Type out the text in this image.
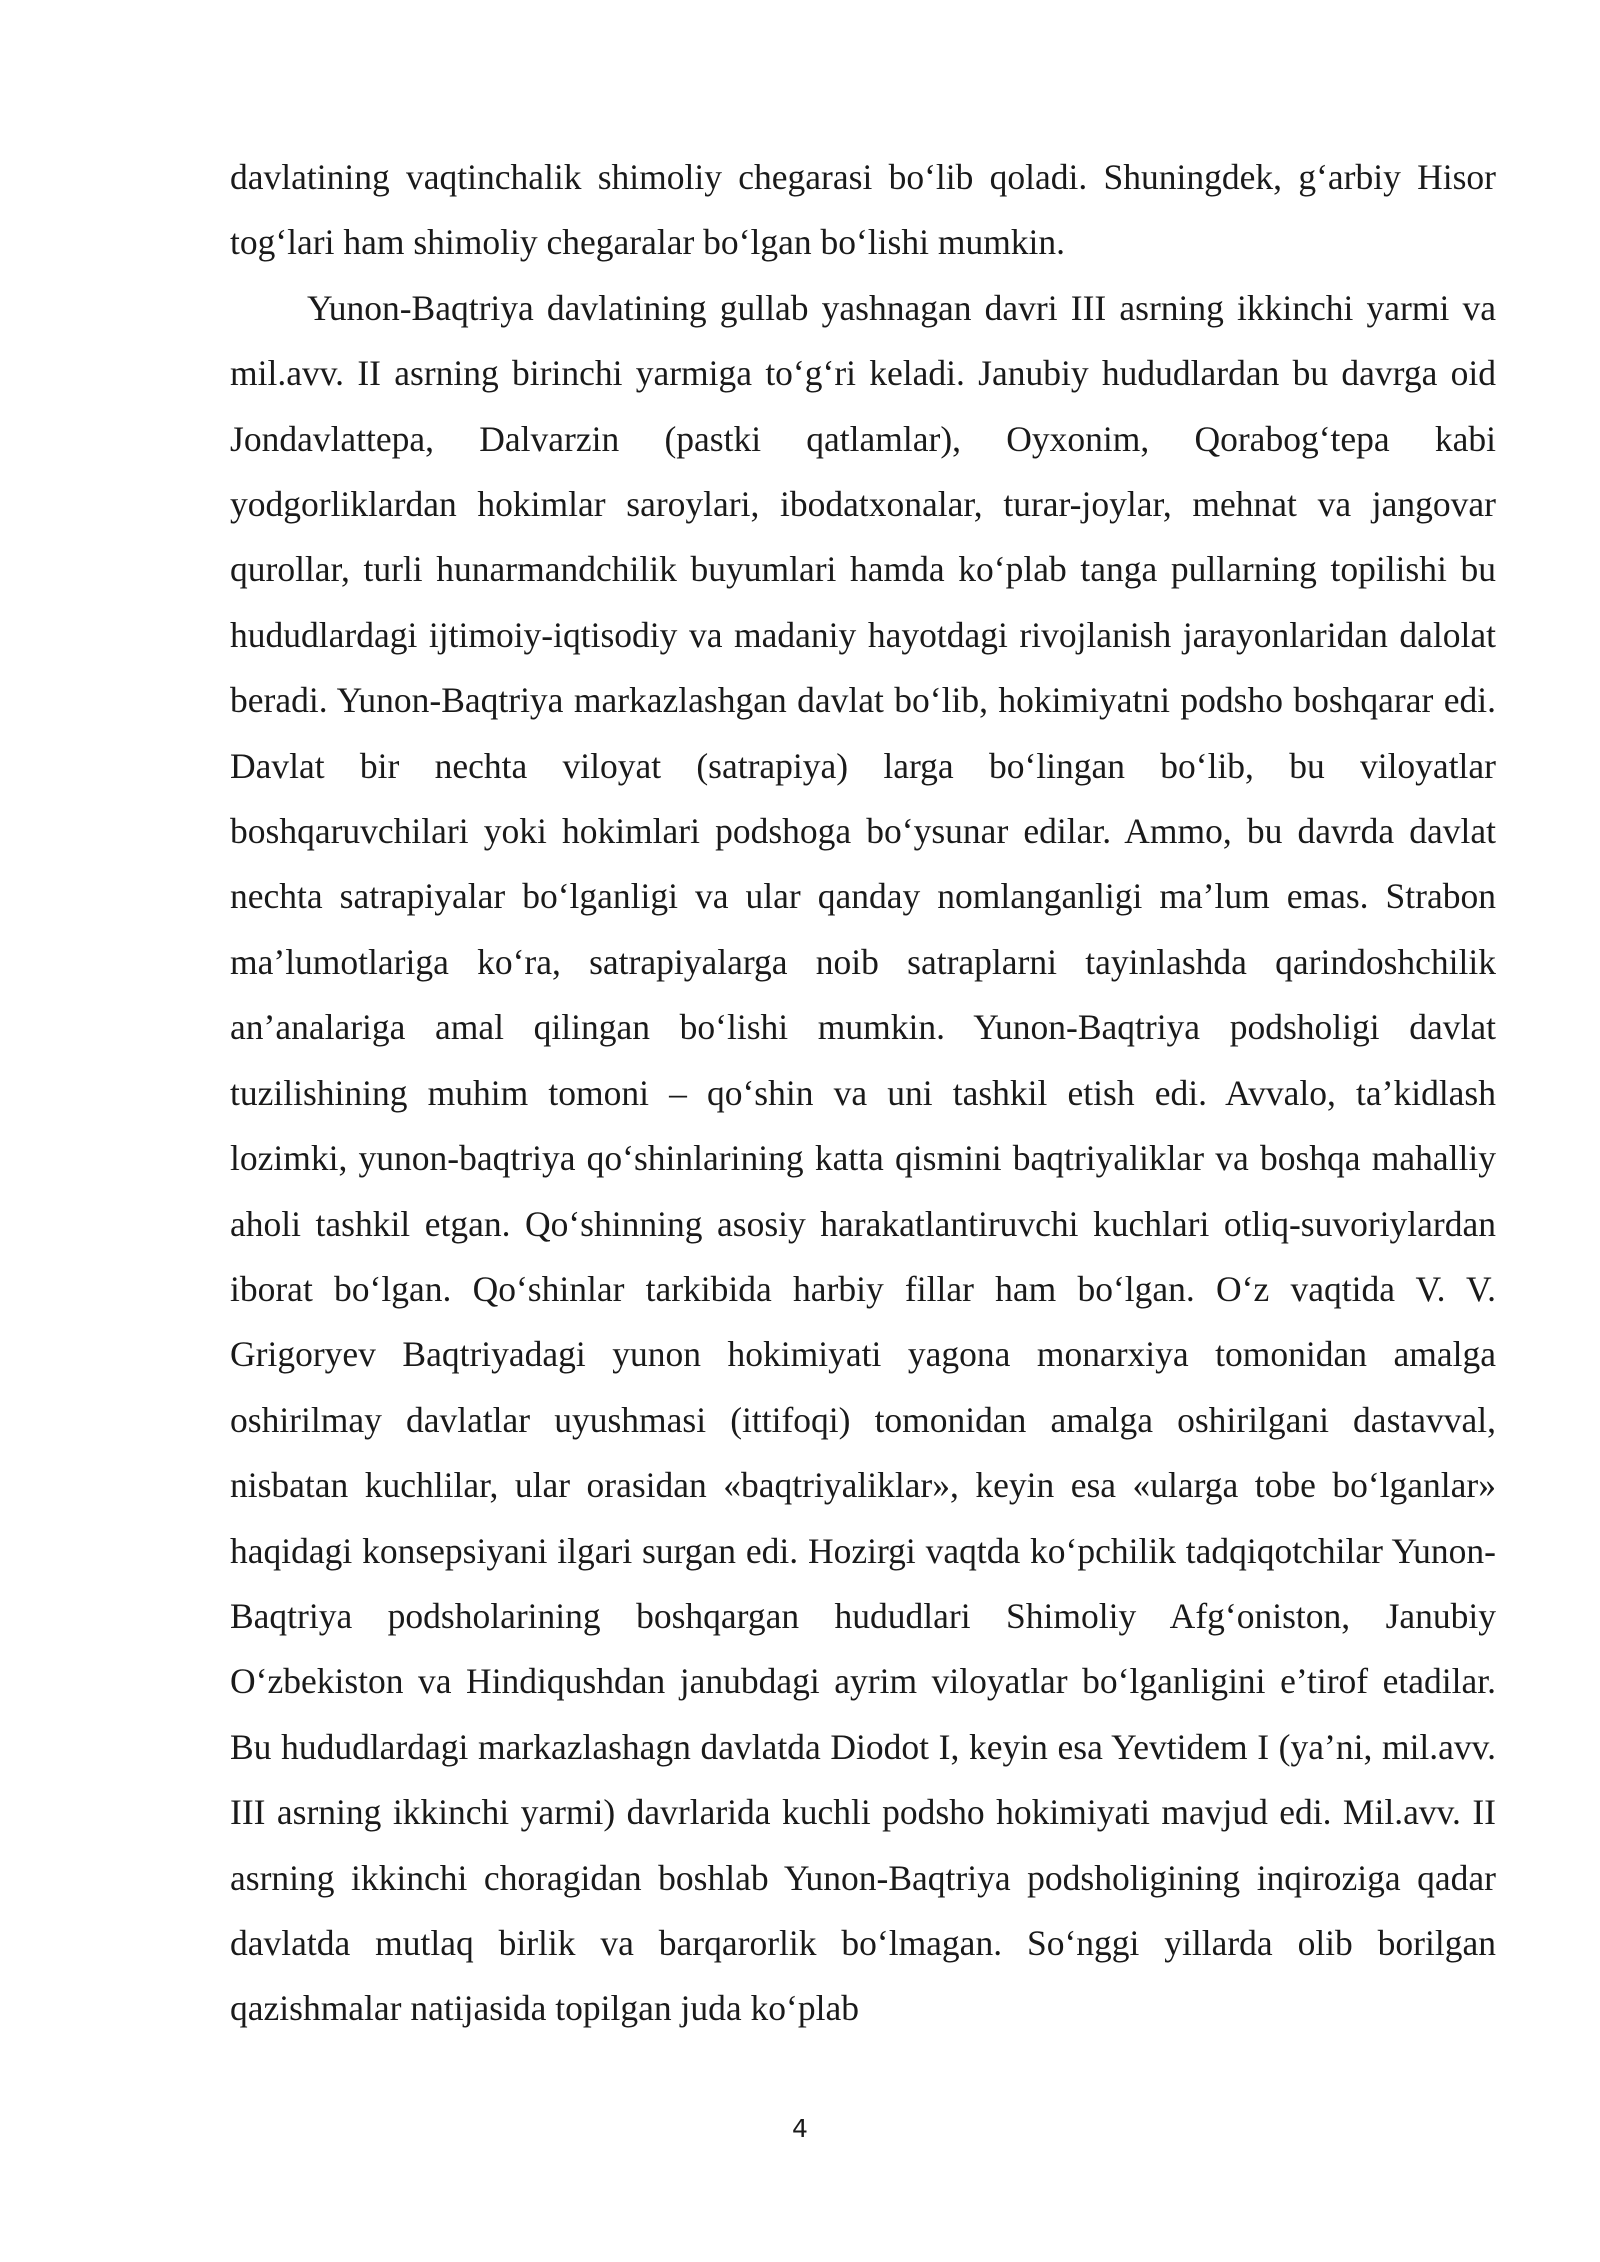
davlatining vaqtinchalik shimoliy chegarasi bo‘lib qoladi. Shuningdek, g‘arbiy Hisor tog‘lari ham shimoliy chegaralar bo‘lgan bo‘lishi mumkin.

Yunon-Baqtriya davlatining gullab yashnagan davri III asrning ikkinchi yarmi va mil.avv. II asrning birinchi yarmiga to‘g‘ri keladi. Janubiy hududlardan bu davrga oid Jondavlattepa, Dalvarzin (pastki qatlamlar), Oyxonim, Qorabog‘tepa kabi yodgorliklardan hokimlar saroylari, ibodatxonalar, turar-joylar, mehnat va jangovar qurollar, turli hunarmandchilik buyumlari hamda ko‘plab tanga pullarning topilishi bu hududlardagi ijtimoiy-iqtisodiy va madaniy hayotdagi rivojlanish jarayonlaridan dalolat beradi. Yunon-Baqtriya markazlashgan davlat bo‘lib, hokimiyatni podsho boshqarar edi. Davlat bir nechta viloyat (satrapiya) larga bo‘lingan bo‘lib, bu viloyatlar boshqaruvchilari yoki hokimlari podshoga bo‘ysunar edilar. Ammo, bu davrda davlat nechta satrapiyalar bo‘lganligi va ular qanday nomlanganligi ma’lum emas. Strabon ma’lumotlariga ko‘ra, satrapiyalarga noib satraplarni tayinlashda qarindoshchilik an’analariga amal qilingan bo‘lishi mumkin. Yunon-Baqtriya podsholigi davlat tuzilishining muhim tomoni – qo‘shin va uni tashkil etish edi. Avvalo, ta’kidlash lozimki, yunon-baqtriya qo‘shinlarining katta qismini baqtriyaliklar va boshqa mahalliy aholi tashkil etgan. Qo‘shinning asosiy harakatlantiruvchi kuchlari otliq-suvoriylardan iborat bo‘lgan. Qo‘shinlar tarkibida harbiy fillar ham bo‘lgan. O‘z vaqtida V. V. Grigoryev Baqtriyadagi yunon hokimiyati yagona monarxiya tomonidan amalga oshirilmay davlatlar uyushmasi (ittifoqi) tomonidan amalga oshirilgani dastavval, nisbatan kuchlilar, ular orasidan «baqtriyaliklar», keyin esa «ularga tobe bo‘lganlar» haqidagi konsepsiyani ilgari surgan edi. Hozirgi vaqtda ko‘pchilik tadqiqotchilar Yunon-Baqtriya podsholarining boshqargan hududlari Shimoliy Afg‘oniston, Janubiy O‘zbekiston va Hindiqushdan janubdagi ayrim viloyatlar bo‘lganligini e’tirof etadilar. Bu hududlardagi markazlashagn davlatda Diodot I, keyin esa Yevtidem I (ya’ni, mil.avv. III asrning ikkinchi yarmi) davrlarida kuchli podsho hokimiyati mavjud edi. Mil.avv. II asrning ikkinchi choragidan boshlab Yunon-Baqtriya podsholigining inqiroziga qadar davlatda mutlaq birlik va barqarorlik bo‘lmagan. So‘nggi yillarda olib borilgan qazishmalar natijasida topilgan juda ko‘plab

4
